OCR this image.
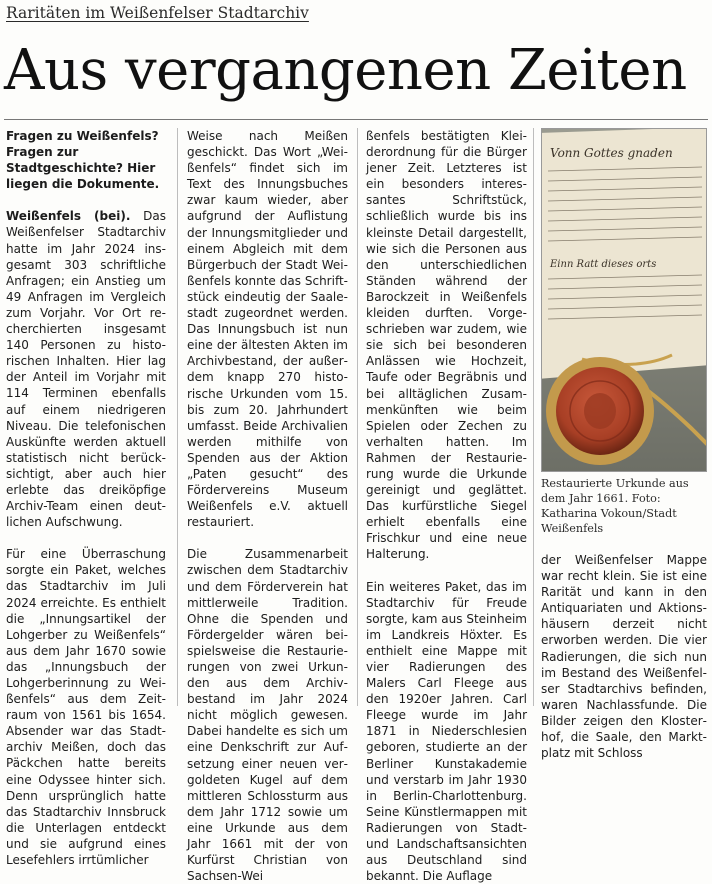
Raritäten im Weißenfelser Stadtarchiv
Aus vergangenen Zeiten
Fragen zu Weißenfels? Fragen zur Stadtgeschichte? Hier liegen die Dokumente.

Weißenfels (bei). Das Weißenfelser Stadtarchiv hatte im Jahr 2024 insgesamt 303 schriftliche Anfragen; ein Anstieg um 49 Anfragen im Vergleich zum Vorjahr. Vor Ort recherchierten insgesamt 140 Personen zu historischen Inhalten. Hier lag der Anteil im Vorjahr mit 114 Terminen ebenfalls auf einem niedrigeren Niveau. Die telefonischen Auskünfte werden aktuell statistisch nicht berücksichtigt, aber auch hier erlebte das dreiköpfige Archiv-Team einen deutlichen Aufschwung.

Für eine Überraschung sorgte ein Paket, welches das Stadtarchiv im Juli 2024 erreichte. Es enthielt die „Innungsartikel der Lohgerber zu Weißenfels“ aus dem Jahr 1670 sowie das „Innungsbuch der Lohgerberinnung zu Weißenfels“ aus dem Zeitraum von 1561 bis 1654. Absender war das Stadtarchiv Meißen, doch das Päckchen hatte bereits eine Odyssee hinter sich. Denn ursprünglich hatte das Stadtarchiv Innsbruck die Unterlagen entdeckt und sie aufgrund eines Lesefehlers irrtümlicher

Weise nach Meißen geschickt. Das Wort „Weißenfels“ findet sich im Text des Innungsbuches zwar kaum wieder, aber aufgrund der Auflistung der Innungsmitglieder und einem Abgleich mit dem Bürgerbuch der Stadt Weißenfels konnte das Schriftstück eindeutig der Saalestadt zugeordnet werden. Das Innungsbuch ist nun eine der ältesten Akten im Archivbestand, der außerdem knapp 270 historische Urkunden vom 15. bis zum 20. Jahrhundert umfasst. Beide Archivalien werden mithilfe von Spenden aus der Aktion „Paten gesucht“ des Fördervereins Museum Weißenfels e.V. aktuell restauriert.

Die Zusammenarbeit zwischen dem Stadtarchiv und dem Förderverein hat mittlerweile Tradition. Ohne die Spenden und Fördergelder wären beispielsweise die Restaurierungen von zwei Urkunden aus dem Archivbestand im Jahr 2024 nicht möglich gewesen. Dabei handelte es sich um eine Denkschrift zur Aufsetzung einer neuen vergoldeten Kugel auf dem mittleren Schlossturm aus dem Jahr 1712 sowie um eine Urkunde aus dem Jahr 1661 mit der von Kurfürst Christian von Sachsen-Wei

ßenfels bestätigten Kleiderordnung für die Bürger jener Zeit. Letzteres ist ein besonders interessantes Schriftstück, schließlich wurde bis ins kleinste Detail dargestellt, wie sich die Personen aus den unterschiedlichen Ständen während der Barockzeit in Weißenfels kleiden durften. Vorgeschrieben war zudem, wie sie sich bei besonderen Anlässen wie Hochzeit, Taufe oder Begräbnis und bei alltäglichen Zusammenkünften wie beim Spielen oder Zechen zu verhalten hatten. Im Rahmen der Restaurierung wurde die Urkunde gereinigt und geglättet. Das kurfürstliche Siegel erhielt ebenfalls eine Frischkur und eine neue Halterung.

Ein weiteres Paket, das im Stadtarchiv für Freude sorgte, kam aus Steinheim im Landkreis Höxter. Es enthielt eine Mappe mit vier Radierungen des Malers Carl Fleege aus den 1920er Jahren. Carl Fleege wurde im Jahr 1871 in Niederschlesien geboren, studierte an der Berliner Kunstakademie und verstarb im Jahr 1930 in Berlin-Charlottenburg. Seine Künstlermappen mit Radierungen von Stadt- und Landschaftsansichten aus Deutschland sind bekannt. Die Auflage

Vonn Gottes gnaden
Einn Ratt dieses orts

Restaurierte Urkunde aus dem Jahr 1661. Foto: Katharina Vokoun/Stadt Weißenfels

der Weißenfelser Mappe war recht klein. Sie ist eine Rarität und kann in den Antiquariaten und Aktionshäusern derzeit nicht erworben werden. Die vier Radierungen, die sich nun im Bestand des Weißenfelser Stadtarchivs befinden, waren Nachlassfunde. Die Bilder zeigen den Klosterhof, die Saale, den Marktplatz mit Schloss
